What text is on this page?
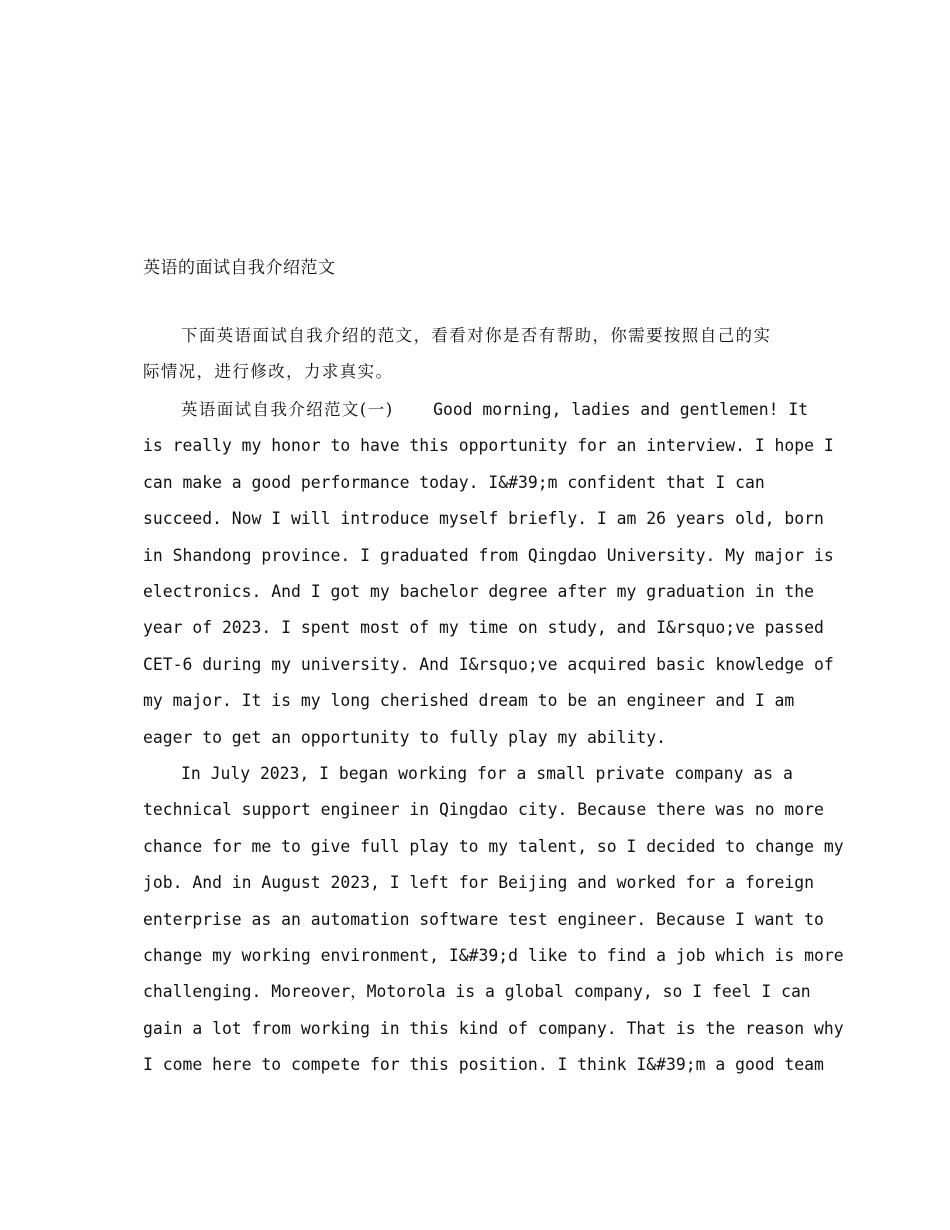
英语的面试自我介绍范文

下面英语面试自我介绍的范文，看看对你是否有帮助，你需要按照自己的实
际情况，进行修改，力求真实。

英语面试自我介绍范文(一) Good morning, ladies and gentlemen! It
is really my honor to have this opportunity for an interview. I hope I
can make a good performance today. I&#39;m confident that I can
succeed. Now I will introduce myself briefly. I am 26 years old, born
in Shandong province. I graduated from Qingdao University. My major is
electronics. And I got my bachelor degree after my graduation in the
year of 2023. I spent most of my time on study, and I&rsquo;ve passed
CET-6 during my university. And I&rsquo;ve acquired basic knowledge of
my major. It is my long cherished dream to be an engineer and I am
eager to get an opportunity to fully play my ability.

In July 2023, I began working for a small private company as a
technical support engineer in Qingdao city. Because there was no more
chance for me to give full play to my talent, so I decided to change my
job. And in August 2023, I left for Beijing and worked for a foreign
enterprise as an automation software test engineer. Because I want to
change my working environment, I&#39;d like to find a job which is more
challenging. Moreover，Motorola is a global company, so I feel I can
gain a lot from working in this kind of company. That is the reason why
I come here to compete for this position. I think I&#39;m a good team
